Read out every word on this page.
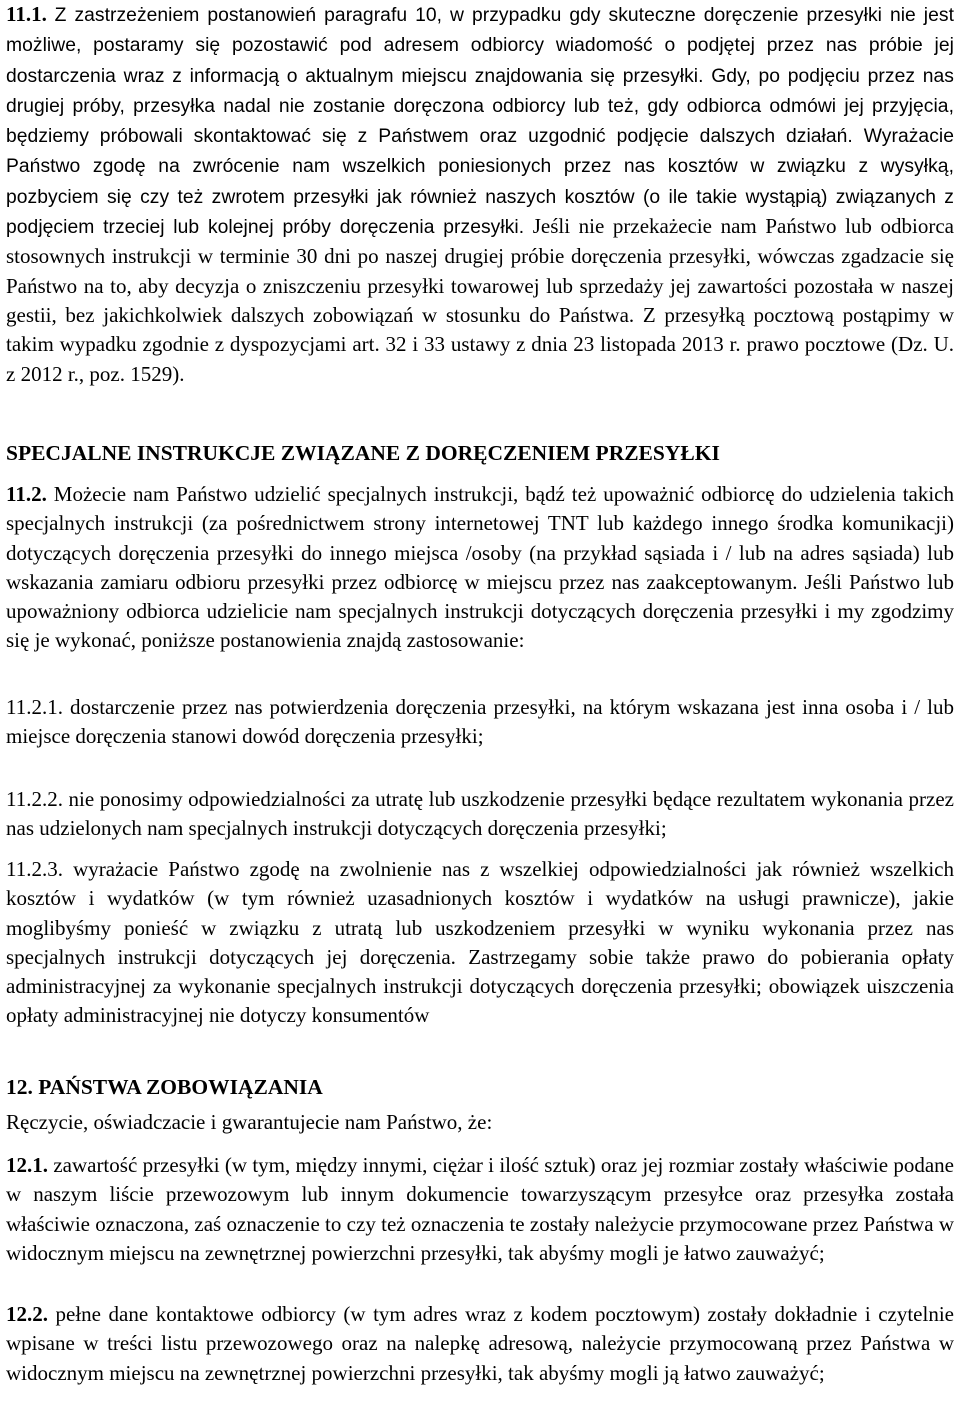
11.1. Z zastrzeżeniem postanowień paragrafu 10, w przypadku gdy skuteczne doręczenie przesyłki nie jest możliwe, postaramy się pozostawić pod adresem odbiorcy wiadomość o podjętej przez nas próbie jej dostarczenia wraz z informacją o aktualnym miejscu znajdowania się przesyłki. Gdy, po podjęciu przez nas drugiej próby, przesyłka nadal nie zostanie doręczona odbiorcy lub też, gdy odbiorca odmówi jej przyjęcia, będziemy próbowali skontaktować się z Państwem oraz uzgodnić podjęcie dalszych działań. Wyrażacie Państwo zgodę na zwrócenie nam wszelkich poniesionych przez nas kosztów w związku z wysyłką, pozbyciem się czy też zwrotem przesyłki jak również naszych kosztów (o ile takie wystąpią) związanych z podjęciem trzeciej lub kolejnej próby doręczenia przesyłki. Jeśli nie przekażecie nam Państwo lub odbiorca stosownych instrukcji w terminie 30 dni po naszej drugiej próbie doręczenia przesyłki, wówczas zgadzacie się Państwo na to, aby decyzja o zniszczeniu przesyłki towarowej lub sprzedaży jej zawartości pozostała w naszej gestii, bez jakichkolwiek dalszych zobowiązań w stosunku do Państwa. Z przesyłką pocztową postąpimy w takim wypadku zgodnie z dyspozycjami art. 32 i 33 ustawy z dnia 23 listopada 2013 r. prawo pocztowe (Dz. U. z 2012 r., poz. 1529).

SPECJALNE INSTRUKCJE ZWIĄZANE Z DORĘCZENIEM PRZESYŁKI

11.2. Możecie nam Państwo udzielić specjalnych instrukcji, bądź też upoważnić odbiorcę do udzielenia takich specjalnych instrukcji (za pośrednictwem strony internetowej TNT lub każdego innego środka komunikacji) dotyczących doręczenia przesyłki do innego miejsca /osoby (na przykład sąsiada i / lub na adres sąsiada) lub wskazania zamiaru odbioru przesyłki przez odbiorcę w miejscu przez nas zaakceptowanym. Jeśli Państwo lub upoważniony odbiorca udzielicie nam specjalnych instrukcji dotyczących doręczenia przesyłki i my zgodzimy się je wykonać, poniższe postanowienia znajdą zastosowanie:

11.2.1. dostarczenie przez nas potwierdzenia doręczenia przesyłki, na którym wskazana jest inna osoba i / lub miejsce doręczenia stanowi dowód doręczenia przesyłki;

11.2.2. nie ponosimy odpowiedzialności za utratę lub uszkodzenie przesyłki będące rezultatem wykonania przez nas udzielonych nam specjalnych instrukcji dotyczących doręczenia przesyłki;

11.2.3. wyrażacie Państwo zgodę na zwolnienie nas z wszelkiej odpowiedzialności jak również wszelkich kosztów i wydatków (w tym również uzasadnionych kosztów i wydatków na usługi prawnicze), jakie moglibyśmy ponieść w związku z utratą lub uszkodzeniem przesyłki w wyniku wykonania przez nas specjalnych instrukcji dotyczących jej doręczenia. Zastrzegamy sobie także prawo do pobierania opłaty administracyjnej za wykonanie specjalnych instrukcji dotyczących doręczenia przesyłki; obowiązek uiszczenia opłaty administracyjnej nie dotyczy konsumentów

12. PAŃSTWA ZOBOWIĄZANIA

Ręczycie, oświadczacie i gwarantujecie nam Państwo, że:

12.1. zawartość przesyłki (w tym, między innymi, ciężar i ilość sztuk) oraz jej rozmiar zostały właściwie podane w naszym liście przewozowym lub innym dokumencie towarzyszącym przesyłce oraz przesyłka została właściwie oznaczona, zaś oznaczenie to czy też oznaczenia te zostały należycie przymocowane przez Państwa w widocznym miejscu na zewnętrznej powierzchni przesyłki, tak abyśmy mogli je łatwo zauważyć;

12.2. pełne dane kontaktowe odbiorcy (w tym adres wraz z kodem pocztowym) zostały dokładnie i czytelnie wpisane w treści listu przewozowego oraz na nalepkę adresową, należycie przymocowaną przez Państwa w widocznym miejscu na zewnętrznej powierzchni przesyłki, tak abyśmy mogli ją łatwo zauważyć;
